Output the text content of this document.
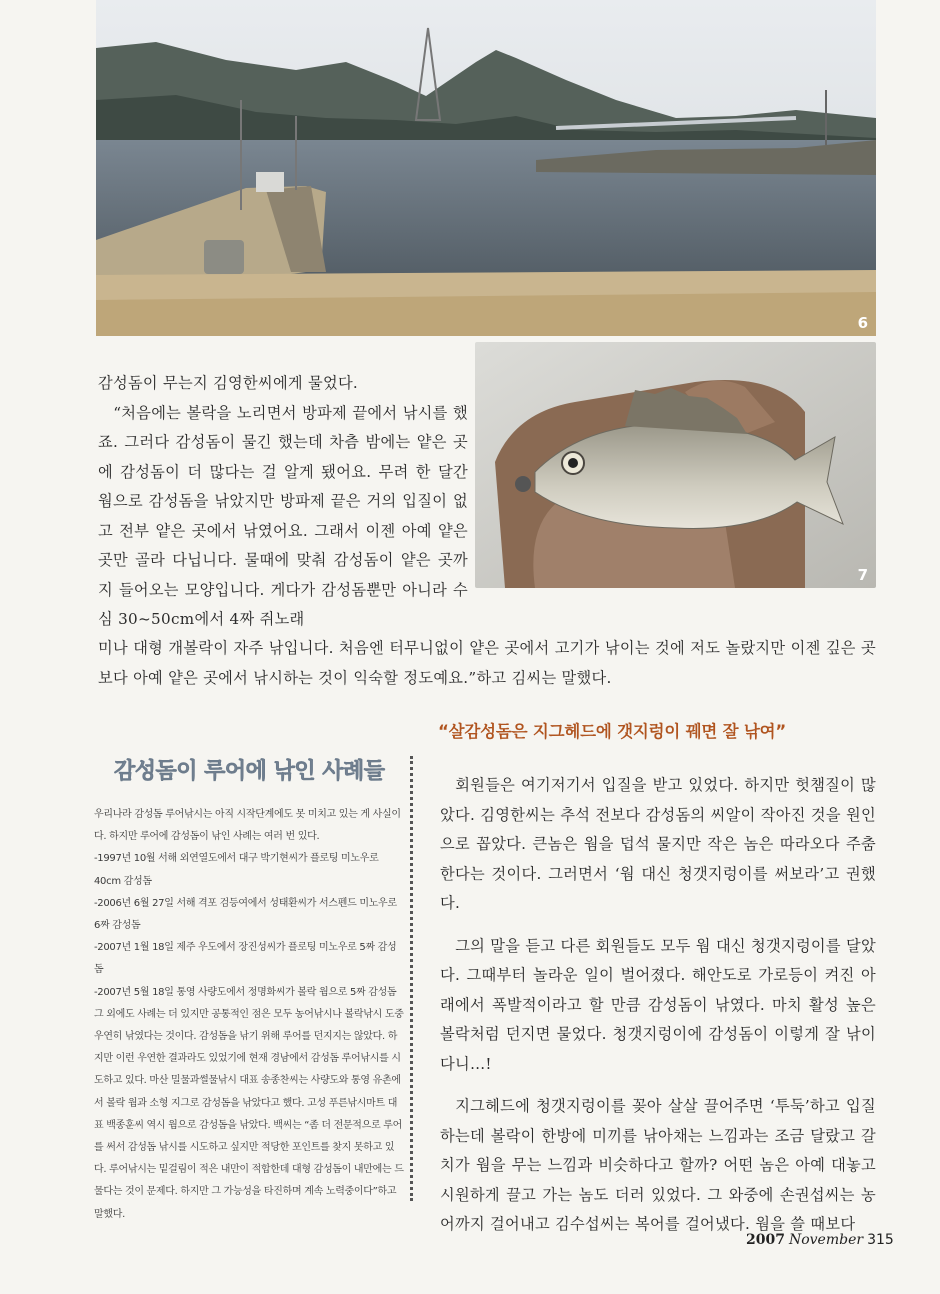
6
7

감성돔이 무는지 김영한씨에게 물었다.

“처음에는 볼락을 노리면서 방파제 끝에서 낚시를 했죠. 그러다 감성돔이 물긴 했는데 차츰 밤에는 얕은 곳에 감성돔이 더 많다는 걸 알게 됐어요. 무려 한 달간 웜으로 감성돔을 낚았지만 방파제 끝은 거의 입질이 없고 전부 얕은 곳에서 낚였어요. 그래서 이젠 아예 얕은 곳만 골라 다닙니다. 물때에 맞춰 감성돔이 얕은 곳까지 들어오는 모양입니다. 게다가 감성돔뿐만 아니라 수심 30~50cm에서 4짜 쥐노래

미나 대형 개볼락이 자주 낚입니다. 처음엔 터무니없이 얕은 곳에서 고기가 낚이는 것에 저도 놀랐지만 이젠 깊은 곳보다 아예 얕은 곳에서 낚시하는 것이 익숙할 정도예요.”하고 김씨는 말했다.

감성돔이 루어에 낚인 사례들

우리나라 감성돔 루어낚시는 아직 시작단계에도 못 미치고 있는 게 사실이다. 하지만 루어에 감성돔이 낚인 사례는 여러 번 있다.

-1997년 10월 서해 외연열도에서 대구 박기현씨가 플로팅 미노우로 40cm 감성돔

-2006년 6월 27일 서해 격포 검등여에서 성태환씨가 서스펜드 미노우로 6짜 감성돔

-2007년 1월 18일 제주 우도에서 장진성씨가 플로팅 미노우로 5짜 감성돔

-2007년 5월 18일 통영 사량도에서 정명화씨가 볼락 웜으로 5짜 감성돔

그 외에도 사례는 더 있지만 공통적인 점은 모두 농어낚시나 볼락낚시 도중 우연히 낚였다는 것이다. 감성돔을 낚기 위해 루어를 던지지는 않았다. 하지만 이런 우연한 결과라도 있었기에 현재 경남에서 감성돔 루어낚시를 시도하고 있다. 마산 밀물과썰물낚시 대표 송종찬씨는 사량도와 통영 유촌에서 볼락 웜과 소형 지그로 감성돔을 낚았다고 했다. 고성 푸른낚시마트 대표 백종훈씨 역시 웜으로 감성돔을 낚았다. 백씨는 “좀 더 전문적으로 루어를 써서 감성돔 낚시를 시도하고 싶지만 적당한 포인트를 찾지 못하고 있다. 루어낚시는 밑걸림이 적은 내만이 적합한데 대형 감성돔이 내만에는 드물다는 것이 문제다. 하지만 그 가능성을 타진하며 계속 노력중이다”하고 말했다.

“살감성돔은 지그헤드에 갯지렁이 꿰면 잘 낚여”

회원들은 여기저기서 입질을 받고 있었다. 하지만 헛챔질이 많았다. 김영한씨는 추석 전보다 감성돔의 씨알이 작아진 것을 원인으로 꼽았다. 큰놈은 웜을 덥석 물지만 작은 놈은 따라오다 주춤한다는 것이다. 그러면서 ‘웜 대신 청갯지렁이를 써보라’고 권했다.

그의 말을 듣고 다른 회원들도 모두 웜 대신 청갯지렁이를 달았다. 그때부터 놀라운 일이 벌어졌다. 해안도로 가로등이 켜진 아래에서 폭발적이라고 할 만큼 감성돔이 낚였다. 마치 활성 높은 볼락처럼 던지면 물었다. 청갯지렁이에 감성돔이 이렇게 잘 낚이다니…!

지그헤드에 청갯지렁이를 꽂아 살살 끌어주면 ‘투둑’하고 입질하는데 볼락이 한방에 미끼를 낚아채는 느낌과는 조금 달랐고 갈치가 웜을 무는 느낌과 비슷하다고 할까? 어떤 놈은 아예 대놓고 시원하게 끌고 가는 놈도 더러 있었다. 그 와중에 손권섭씨는 농어까지 걸어내고 김수섭씨는 복어를 걸어냈다. 웜을 쓸 때보다

2007 November 315
